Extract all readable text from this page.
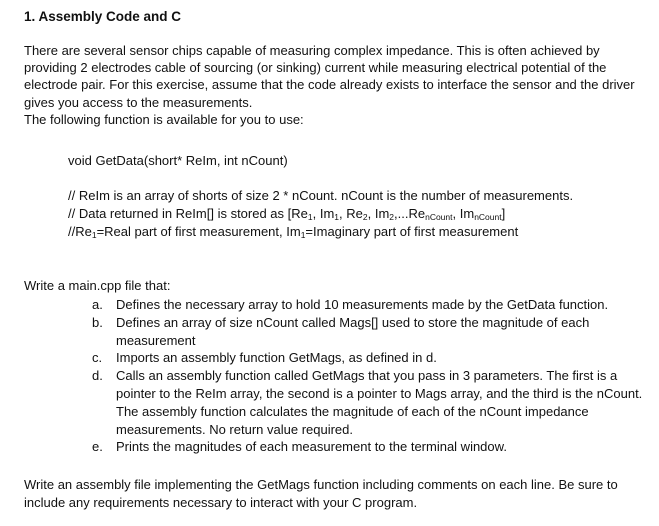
1. Assembly Code and C
There are several sensor chips capable of measuring complex impedance. This is often achieved by providing 2 electrodes cable of sourcing (or sinking) current while measuring electrical potential of the electrode pair. For this exercise, assume that the code already exists to interface the sensor and the driver gives you access to the measurements.
The following function is available for you to use:
void GetData(short* ReIm, int nCount)
// ReIm is an array of shorts of size 2 * nCount. nCount is the number of measurements.
// Data returned in ReIm[] is stored as [$Re_1$, $Im_1$, $Re_2$, $Im_2,...Re_{nCount}$, $Im_{nCount}$]
$//Re_1=Real$ part of first measurement, $Im_1=Imaginary$ part of first measurement
Write a main.cpp file that:
a. Defines the necessary array to hold 10 measurements made by the GetData function.
b. Defines an array of size nCount called Mags[] used to store the magnitude of each measurement
c. Imports an assembly function GetMags, as defined in d.
d. Calls an assembly function called GetMags that you pass in 3 parameters. The first is a pointer to the ReIm array, the second is a pointer to Mags array, and the third is the nCount. The assembly function calculates the magnitude of each of the nCount impedance measurements. No return value required.
e. Prints the magnitudes of each measurement to the terminal window.
Write an assembly file implementing the GetMags function including comments on each line. Be sure to include any requirements necessary to interact with your C program.
